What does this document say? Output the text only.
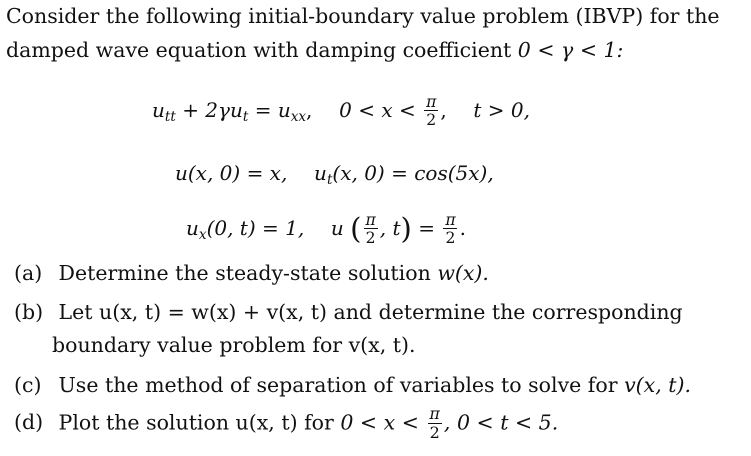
Consider the following initial-boundary value problem (IBVP) for the
damped wave equation with damping coefficient 0 < γ < 1:
$u_{tt} + 2\gamma u_t = u_{xx}$,  $0 < x < \frac{\pi}{2}$ ,  t > 0,
u(x, 0) = x, $u_t(x$, 0) = cos(5x),
$u_x(0$, t) = 1, u ( $\frac{\pi}{2}$ , $t) = \frac{\pi}{2}$ .
(a) Determine the steady-state solution w(x).
(b) Let u(x, t) = w(x) + v(x, t) and determine the corresponding
boundary value problem for v(x, t).
(c) Use the method of separation of variables to solve for v(x, t).
(d) Plot the solution u(x, t) for $0 < x < \frac{\pi}{2}$ , 0 < t < 5.
